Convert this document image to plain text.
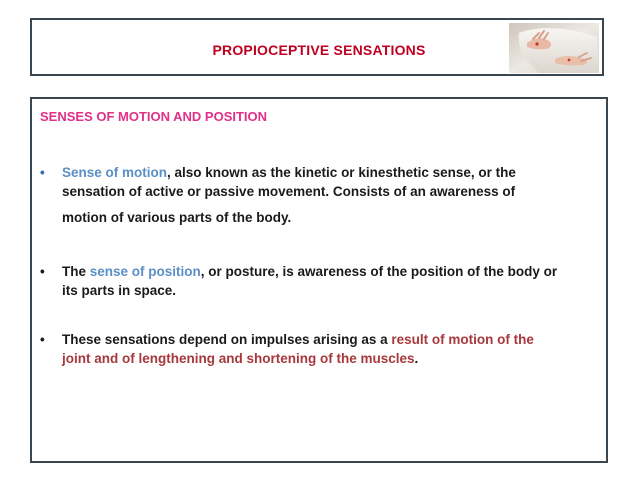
PROPIOCEPTIVE SENSATIONS
SENSES OF MOTION AND POSITION
• Sense of motion, also known as the kinetic or kinesthetic sense, or the
sensation of active or passive movement. Consists of an awareness of
motion of various parts of the body.
• The sense of position, or posture, is awareness of the position of the body or
its parts in space.
• These sensations depend on impulses arising as a result of motion of the
joint and of lengthening and shortening of the muscles.
